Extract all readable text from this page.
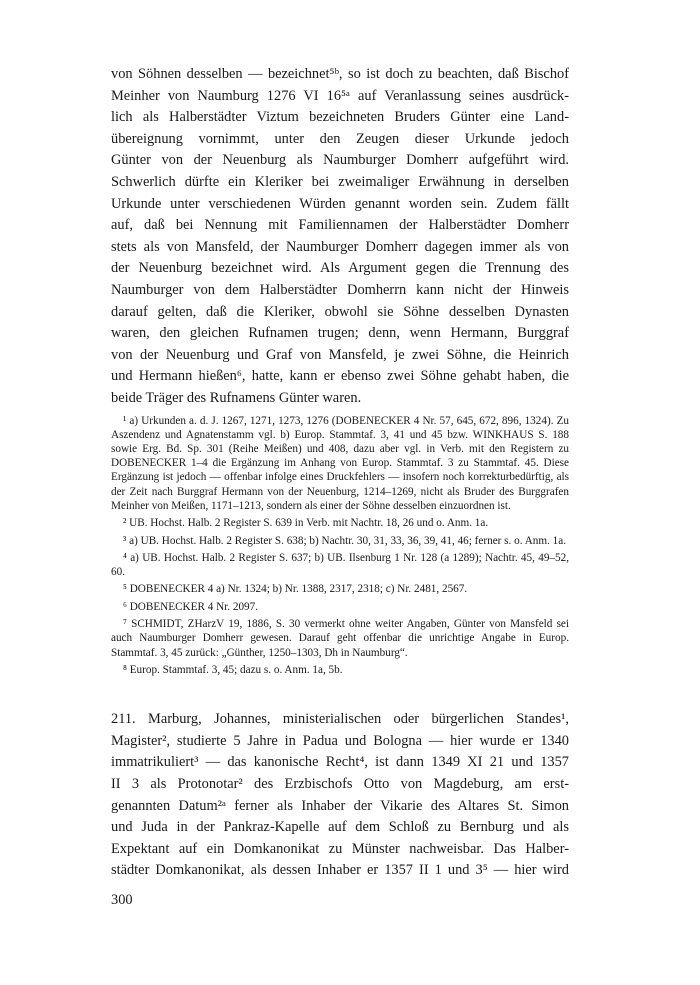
von Söhnen desselben — bezeichnet⁵ᵇ, so ist doch zu beachten, daß Bischof

Meinher von Naumburg 1276 VI 16⁵ᵃ auf Veranlassung seines ausdrück-

lich als Halberstädter Viztum bezeichneten Bruders Günter eine Land-

übereignung vornimmt, unter den Zeugen dieser Urkunde jedoch

Günter von der Neuenburg als Naumburger Domherr aufgeführt wird.

Schwerlich dürfte ein Kleriker bei zweimaliger Erwähnung in derselben

Urkunde unter verschiedenen Würden genannt worden sein. Zudem fällt

auf, daß bei Nennung mit Familiennamen der Halberstädter Domherr

stets als von Mansfeld, der Naumburger Domherr dagegen immer als von

der Neuenburg bezeichnet wird. Als Argument gegen die Trennung des

Naumburger von dem Halberstädter Domherrn kann nicht der Hinweis

darauf gelten, daß die Kleriker, obwohl sie Söhne desselben Dynasten

waren, den gleichen Rufnamen trugen; denn, wenn Hermann, Burggraf

von der Neuenburg und Graf von Mansfeld, je zwei Söhne, die Heinrich

und Hermann hießen⁶, hatte, kann er ebenso zwei Söhne gehabt haben, die

beide Träger des Rufnamens Günter waren.

¹ a) Urkunden a. d. J. 1267, 1271, 1273, 1276 (DOBENECKER 4 Nr. 57, 645, 672, 896, 1324). Zu Aszendenz und Agnatenstamm vgl. b) Europ. Stammtaf. 3, 41 und 45 bzw. WINKHAUS S. 188 sowie Erg. Bd. Sp. 301 (Reihe Meißen) und 408, dazu aber vgl. in Verb. mit den Registern zu DOBENECKER 1–4 die Ergänzung im Anhang von Europ. Stammtaf. 3 zu Stammtaf. 45. Diese Ergänzung ist jedoch — offenbar infolge eines Druckfehlers — insofern noch korrekturbedürftig, als der Zeit nach Burggraf Hermann von der Neuenburg, 1214–1269, nicht als Bruder des Burggrafen Meinher von Meißen, 1171–1213, sondern als einer der Söhne desselben einzuordnen ist.

² UB. Hochst. Halb. 2 Register S. 639 in Verb. mit Nachtr. 18, 26 und o. Anm. 1a.

³ a) UB. Hochst. Halb. 2 Register S. 638; b) Nachtr. 30, 31, 33, 36, 39, 41, 46; ferner s. o. Anm. 1a.

⁴ a) UB. Hochst. Halb. 2 Register S. 637; b) UB. Ilsenburg 1 Nr. 128 (a 1289); Nachtr. 45, 49–52, 60.

⁵ DOBENECKER 4 a) Nr. 1324; b) Nr. 1388, 2317, 2318; c) Nr. 2481, 2567.

⁶ DOBENECKER 4 Nr. 2097.

⁷ SCHMIDT, ZHarzV 19, 1886, S. 30 vermerkt ohne weiter Angaben, Günter von Mansfeld sei auch Naumburger Domherr gewesen. Darauf geht offenbar die unrichtige Angabe in Europ. Stammtaf. 3, 45 zurück: „Günther, 1250–1303, Dh in Naumburg“.

⁸ Europ. Stammtaf. 3, 45; dazu s. o. Anm. 1a, 5b.

211. Marburg, Johannes, ministerialischen oder bürgerlichen Standes¹,

Magister², studierte 5 Jahre in Padua und Bologna — hier wurde er 1340

immatrikuliert³ — das kanonische Recht⁴, ist dann 1349 XI 21 und 1357

II 3 als Protonotar² des Erzbischofs Otto von Magdeburg, am erst-

genannten Datum²ᵃ ferner als Inhaber der Vikarie des Altares St. Simon

und Juda in der Pankraz-Kapelle auf dem Schloß zu Bernburg und als

Expektant auf ein Domkanonikat zu Münster nachweisbar. Das Halber-

städter Domkanonikat, als dessen Inhaber er 1357 II 1 und 3⁵ — hier wird

300
